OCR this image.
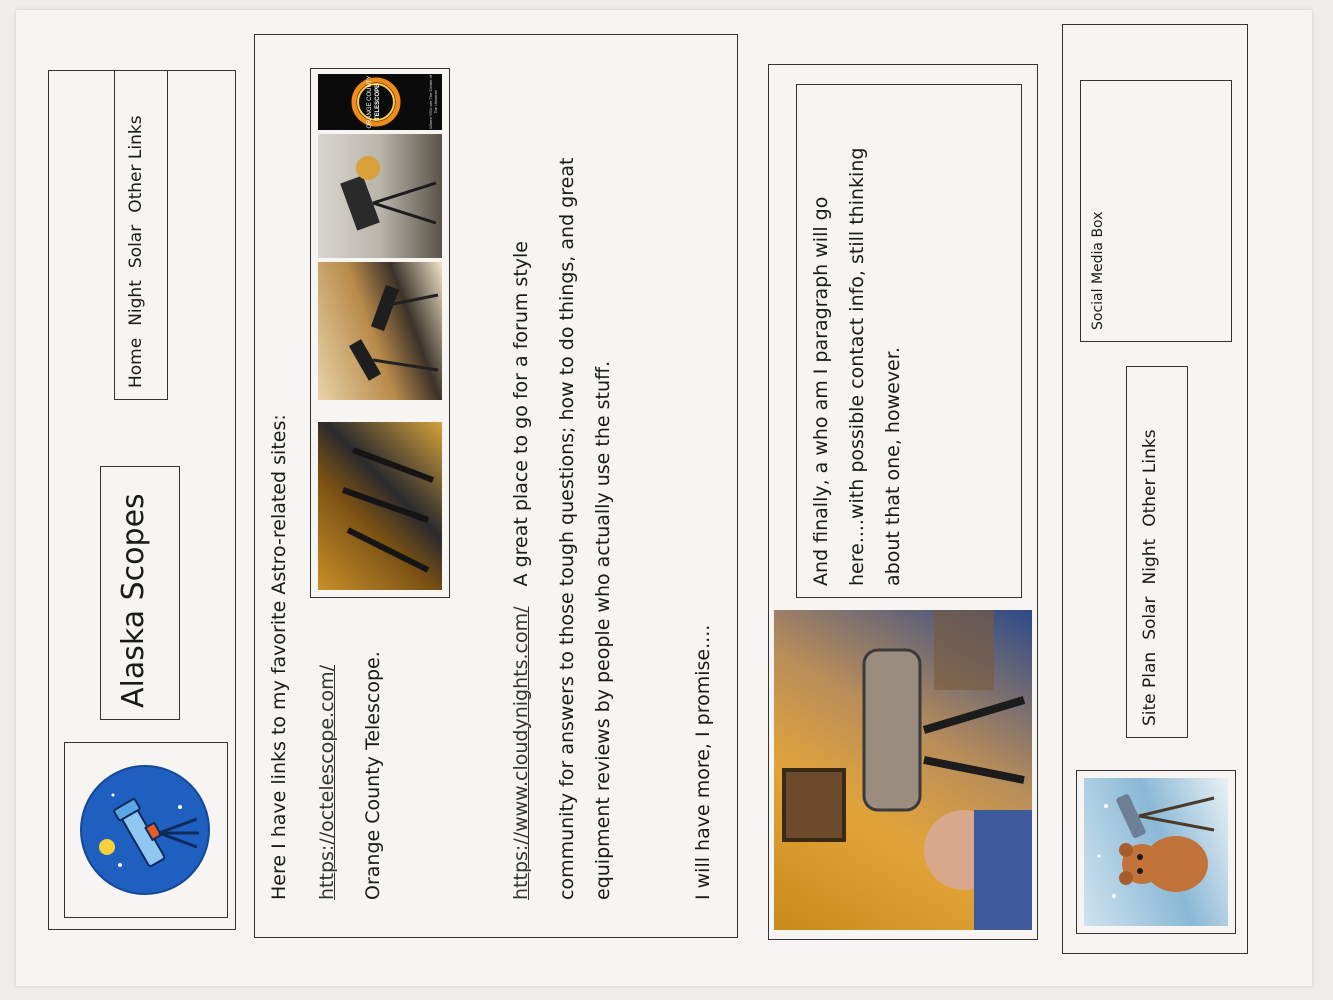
Alaska Scopes
HomeNightSolarOther Links
Here I have links to my favorite Astro-related sites: https://octelescope.com/ Orange County Telescope.	https://www.cloudynights.com/ A great place to go for a forum style community for answers to those tough questions; how to do things, and great equipment reviews by people who actually use the stuff.	I will have more, I promise....
ORANGE COUNTY TELESCOPE	Where YOU are The Center of The Universe
And finally, a who am I paragraph will go here....with possible contact info, still thinking about that one, however.
Site PlanSolarNightOther Links
Social Media Box
